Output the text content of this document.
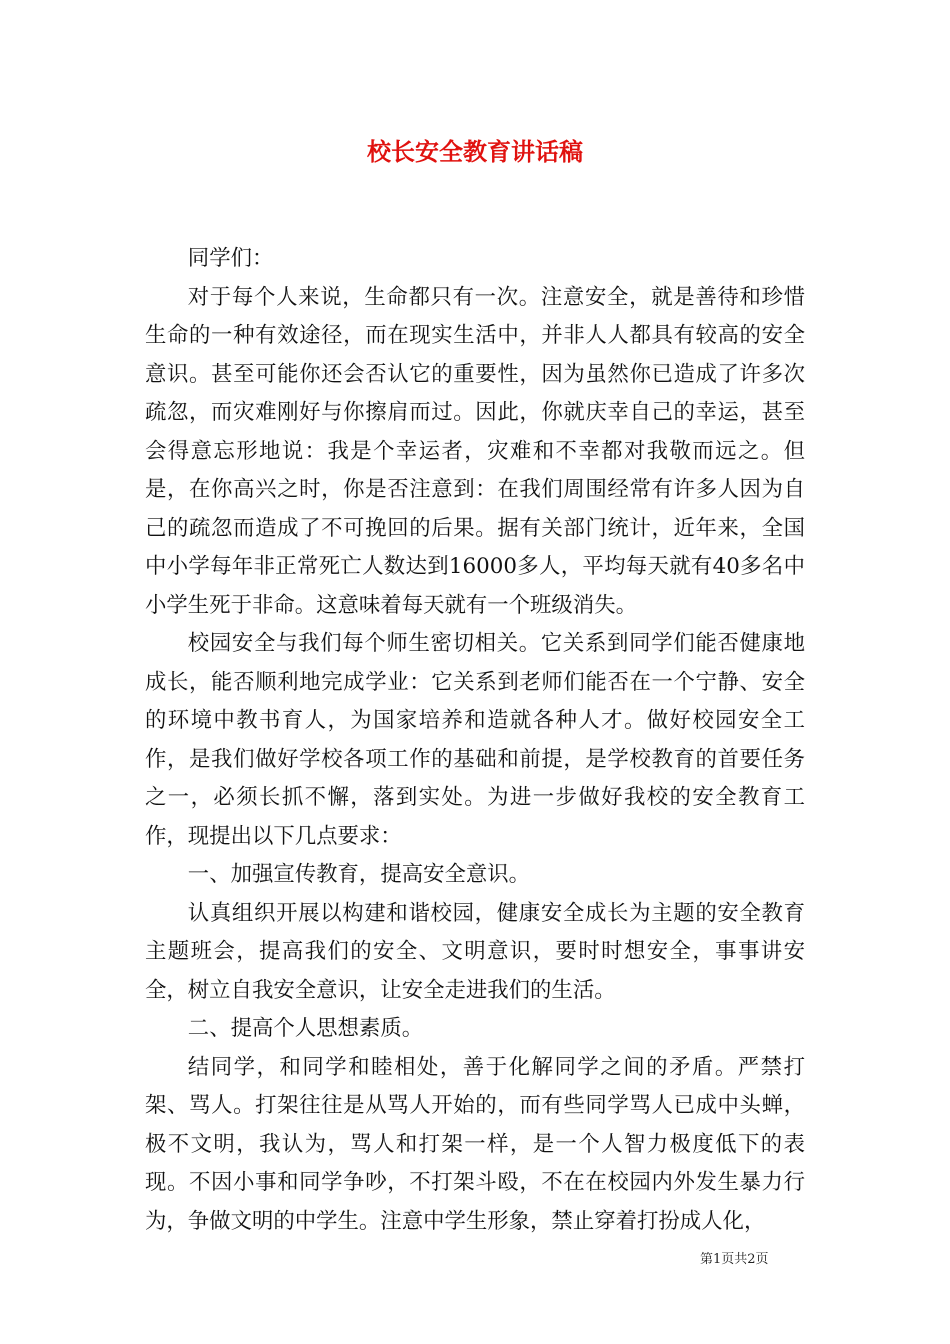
校长安全教育讲话稿

同学们：

对于每个人来说，生命都只有一次。注意安全，就是善待和珍惜生命的一种有效途径，而在现实生活中，并非人人都具有较高的安全意识。甚至可能你还会否认它的重要性，因为虽然你已造成了许多次疏忽，而灾难刚好与你擦肩而过。因此，你就庆幸自己的幸运，甚至会得意忘形地说：我是个幸运者，灾难和不幸都对我敬而远之。但是，在你高兴之时，你是否注意到：在我们周围经常有许多人因为自己的疏忽而造成了不可挽回的后果。据有关部门统计，近年来，全国中小学每年非正常死亡人数达到16000多人，平均每天就有40多名中小学生死于非命。这意味着每天就有一个班级消失。

校园安全与我们每个师生密切相关。它关系到同学们能否健康地成长，能否顺利地完成学业：它关系到老师们能否在一个宁静、安全的环境中教书育人，为国家培养和造就各种人才。做好校园安全工作，是我们做好学校各项工作的基础和前提，是学校教育的首要任务之一，必须长抓不懈，落到实处。为进一步做好我校的安全教育工作，现提出以下几点要求：

一、加强宣传教育，提高安全意识。

认真组织开展以构建和谐校园，健康安全成长为主题的安全教育主题班会，提高我们的安全、文明意识，要时时想安全，事事讲安全，树立自我安全意识，让安全走进我们的生活。

二、提高个人思想素质。

结同学，和同学和睦相处，善于化解同学之间的矛盾。严禁打架、骂人。打架往往是从骂人开始的，而有些同学骂人已成中头蝉，极不文明，我认为，骂人和打架一样，是一个人智力极度低下的表现。不因小事和同学争吵，不打架斗殴，不在在校园内外发生暴力行为，争做文明的中学生。注意中学生形象，禁止穿着打扮成人化，

第1页共2页
